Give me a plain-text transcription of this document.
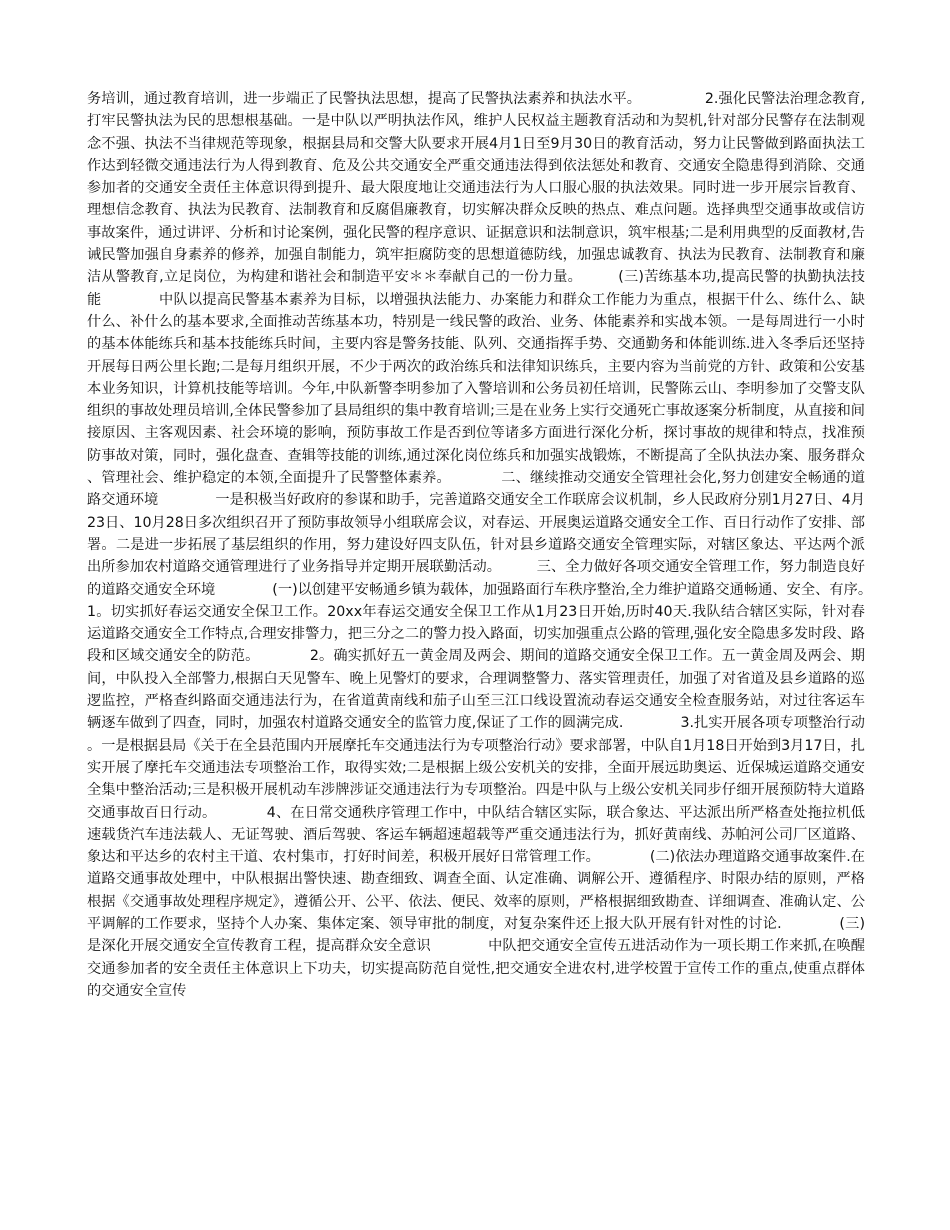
务培训，通过教育培训，进一步端正了民警执法思想，提高了民警执法素养和执法水平。　　　　　2.强化民警法治理念教育,打牢民警执法为民的思想根基础。一是中队以严明执法作风，维护人民权益主题教育活动和为契机,针对部分民警存在法制观念不强、执法不当律规范等现象，根据县局和交警大队要求开展4月1日至9月30日的教育活动，努力让民警做到路面执法工作达到轻微交通违法行为人得到教育、危及公共交通安全严重交通违法得到依法惩处和教育、交通安全隐患得到消除、交通参加者的交通安全责任主体意识得到提升、最大限度地让交通违法行为人口服心服的执法效果。同时进一步开展宗旨教育、理想信念教育、执法为民教育、法制教育和反腐倡廉教育，切实解决群众反映的热点、难点问题。选择典型交通事故或信访事故案件，通过讲评、分析和讨论案例，强化民警的程序意识、证据意识和法制意识，筑牢根基;二是利用典型的反面教材,告诫民警加强自身素养的修养，加强自制能力，筑牢拒腐防变的思想道德防线，加强忠诚教育、执法为民教育、法制教育和廉洁从警教育,立足岗位，为构建和谐社会和制造平安＊＊奉献自己的一份力量。　　　(三)苦练基本功,提高民警的执勤执法技能　　　　中队以提高民警基本素养为目标，以增强执法能力、办案能力和群众工作能力为重点，根据干什么、练什么、缺什么、补什么的基本要求,全面推动苦练基本功，特别是一线民警的政治、业务、体能素养和实战本领。一是每周进行一小时的基本体能练兵和基本技能练兵时间，主要内容是警务技能、队列、交通指挥手势、交通勤务和体能训练.进入冬季后还坚持开展每日两公里长跑;二是每月组织开展，不少于两次的政治练兵和法律知识练兵，主要内容为当前党的方针、政策和公安基本业务知识，计算机技能等培训。今年,中队新警李明参加了入警培训和公务员初任培训，民警陈云山、李明参加了交警支队组织的事故处理员培训,全体民警参加了县局组织的集中教育培训;三是在业务上实行交通死亡事故逐案分析制度，从直接和间接原因、主客观因素、社会环境的影响，预防事故工作是否到位等诸多方面进行深化分析，探讨事故的规律和特点，找准预防事故对策，同时，强化盘查、查辑等技能的训练,通过深化岗位练兵和加强实战锻炼，不断提高了全队执法办案、服务群众、管理社会、维护稳定的本领,全面提升了民警整体素养。　　　　二、继续推动交通安全管理社会化,努力创建安全畅通的道路交通环境　　　　一是积极当好政府的参谋和助手，完善道路交通安全工作联席会议机制，乡人民政府分别1月27日、4月23日、10月28日多次组织召开了预防事故领导小组联席会议，对春运、开展奥运道路交通安全工作、百日行动作了安排、部署。二是进一步拓展了基层组织的作用，努力建设好四支队伍，针对县乡道路交通安全管理实际，对辖区象达、平达两个派出所参加农村道路交通管理进行了业务指导并定期开展联勤活动。　　　三、全力做好各项交通安全管理工作，努力制造良好的道路交通安全环境　　　　(一)以创建平安畅通乡镇为载体，加强路面行车秩序整治,全力维护道路交通畅通、安全、有序。　　　　1。切实抓好春运交通安全保卫工作。20xx年春运交通安全保卫工作从1月23日开始,历时40天.我队结合辖区实际，针对春运道路交通安全工作特点,合理安排警力，把三分之二的警力投入路面，切实加强重点公路的管理,强化安全隐患多发时段、路段和区域交通安全的防范。　　　　2。确实抓好五一黄金周及两会、期间的道路交通安全保卫工作。五一黄金周及两会、期间，中队投入全部警力,根据白天见警车、晚上见警灯的要求，合理调整警力、落实管理责任，加强了对省道及县乡道路的巡逻监控，严格查纠路面交通违法行为，在省道黄南线和茄子山至三江口线设置流动春运交通安全检查服务站，对过往客运车辆逐车做到了四查，同时，加强农村道路交通安全的监管力度,保证了工作的圆满完成.　　　　3.扎实开展各项专项整治行动。一是根据县局《关于在全县范围内开展摩托车交通违法行为专项整治行动》要求部署，中队自1月18日开始到3月17日，扎实开展了摩托车交通违法专项整治工作，取得实效;二是根据上级公安机关的安排，全面开展远助奥运、近保城运道路交通安全集中整治活动;三是积极开展机动车涉牌涉证交通违法行为专项整治。四是中队与上级公安机关同步仔细开展预防特大道路交通事故百日行动。　　　　4、在日常交通秩序管理工作中，中队结合辖区实际，联合象达、平达派出所严格查处拖拉机低速载货汽车违法载人、无证驾驶、酒后驾驶、客运车辆超速超载等严重交通违法行为，抓好黄南线、苏帕河公司厂区道路、象达和平达乡的农村主干道、农村集市，打好时间差，积极开展好日常管理工作。　　　　(二)依法办理道路交通事故案件.在道路交通事故处理中，中队根据出警快速、勘查细致、调查全面、认定准确、调解公开、遵循程序、时限办结的原则，严格根据《交通事故处理程序规定》，遵循公开、公平、依法、便民、效率的原则，严格根据细致勘查、详细调查、准确认定、公平调解的工作要求，坚持个人办案、集体定案、领导审批的制度，对复杂案件还上报大队开展有针对性的讨论.　　　　(三)是深化开展交通安全宣传教育工程，提高群众安全意识　　　　中队把交通安全宣传五进活动作为一项长期工作来抓,在唤醒交通参加者的安全责任主体意识上下功夫，切实提高防范自觉性,把交通安全进农村,进学校置于宣传工作的重点,使重点群体的交通安全宣传
